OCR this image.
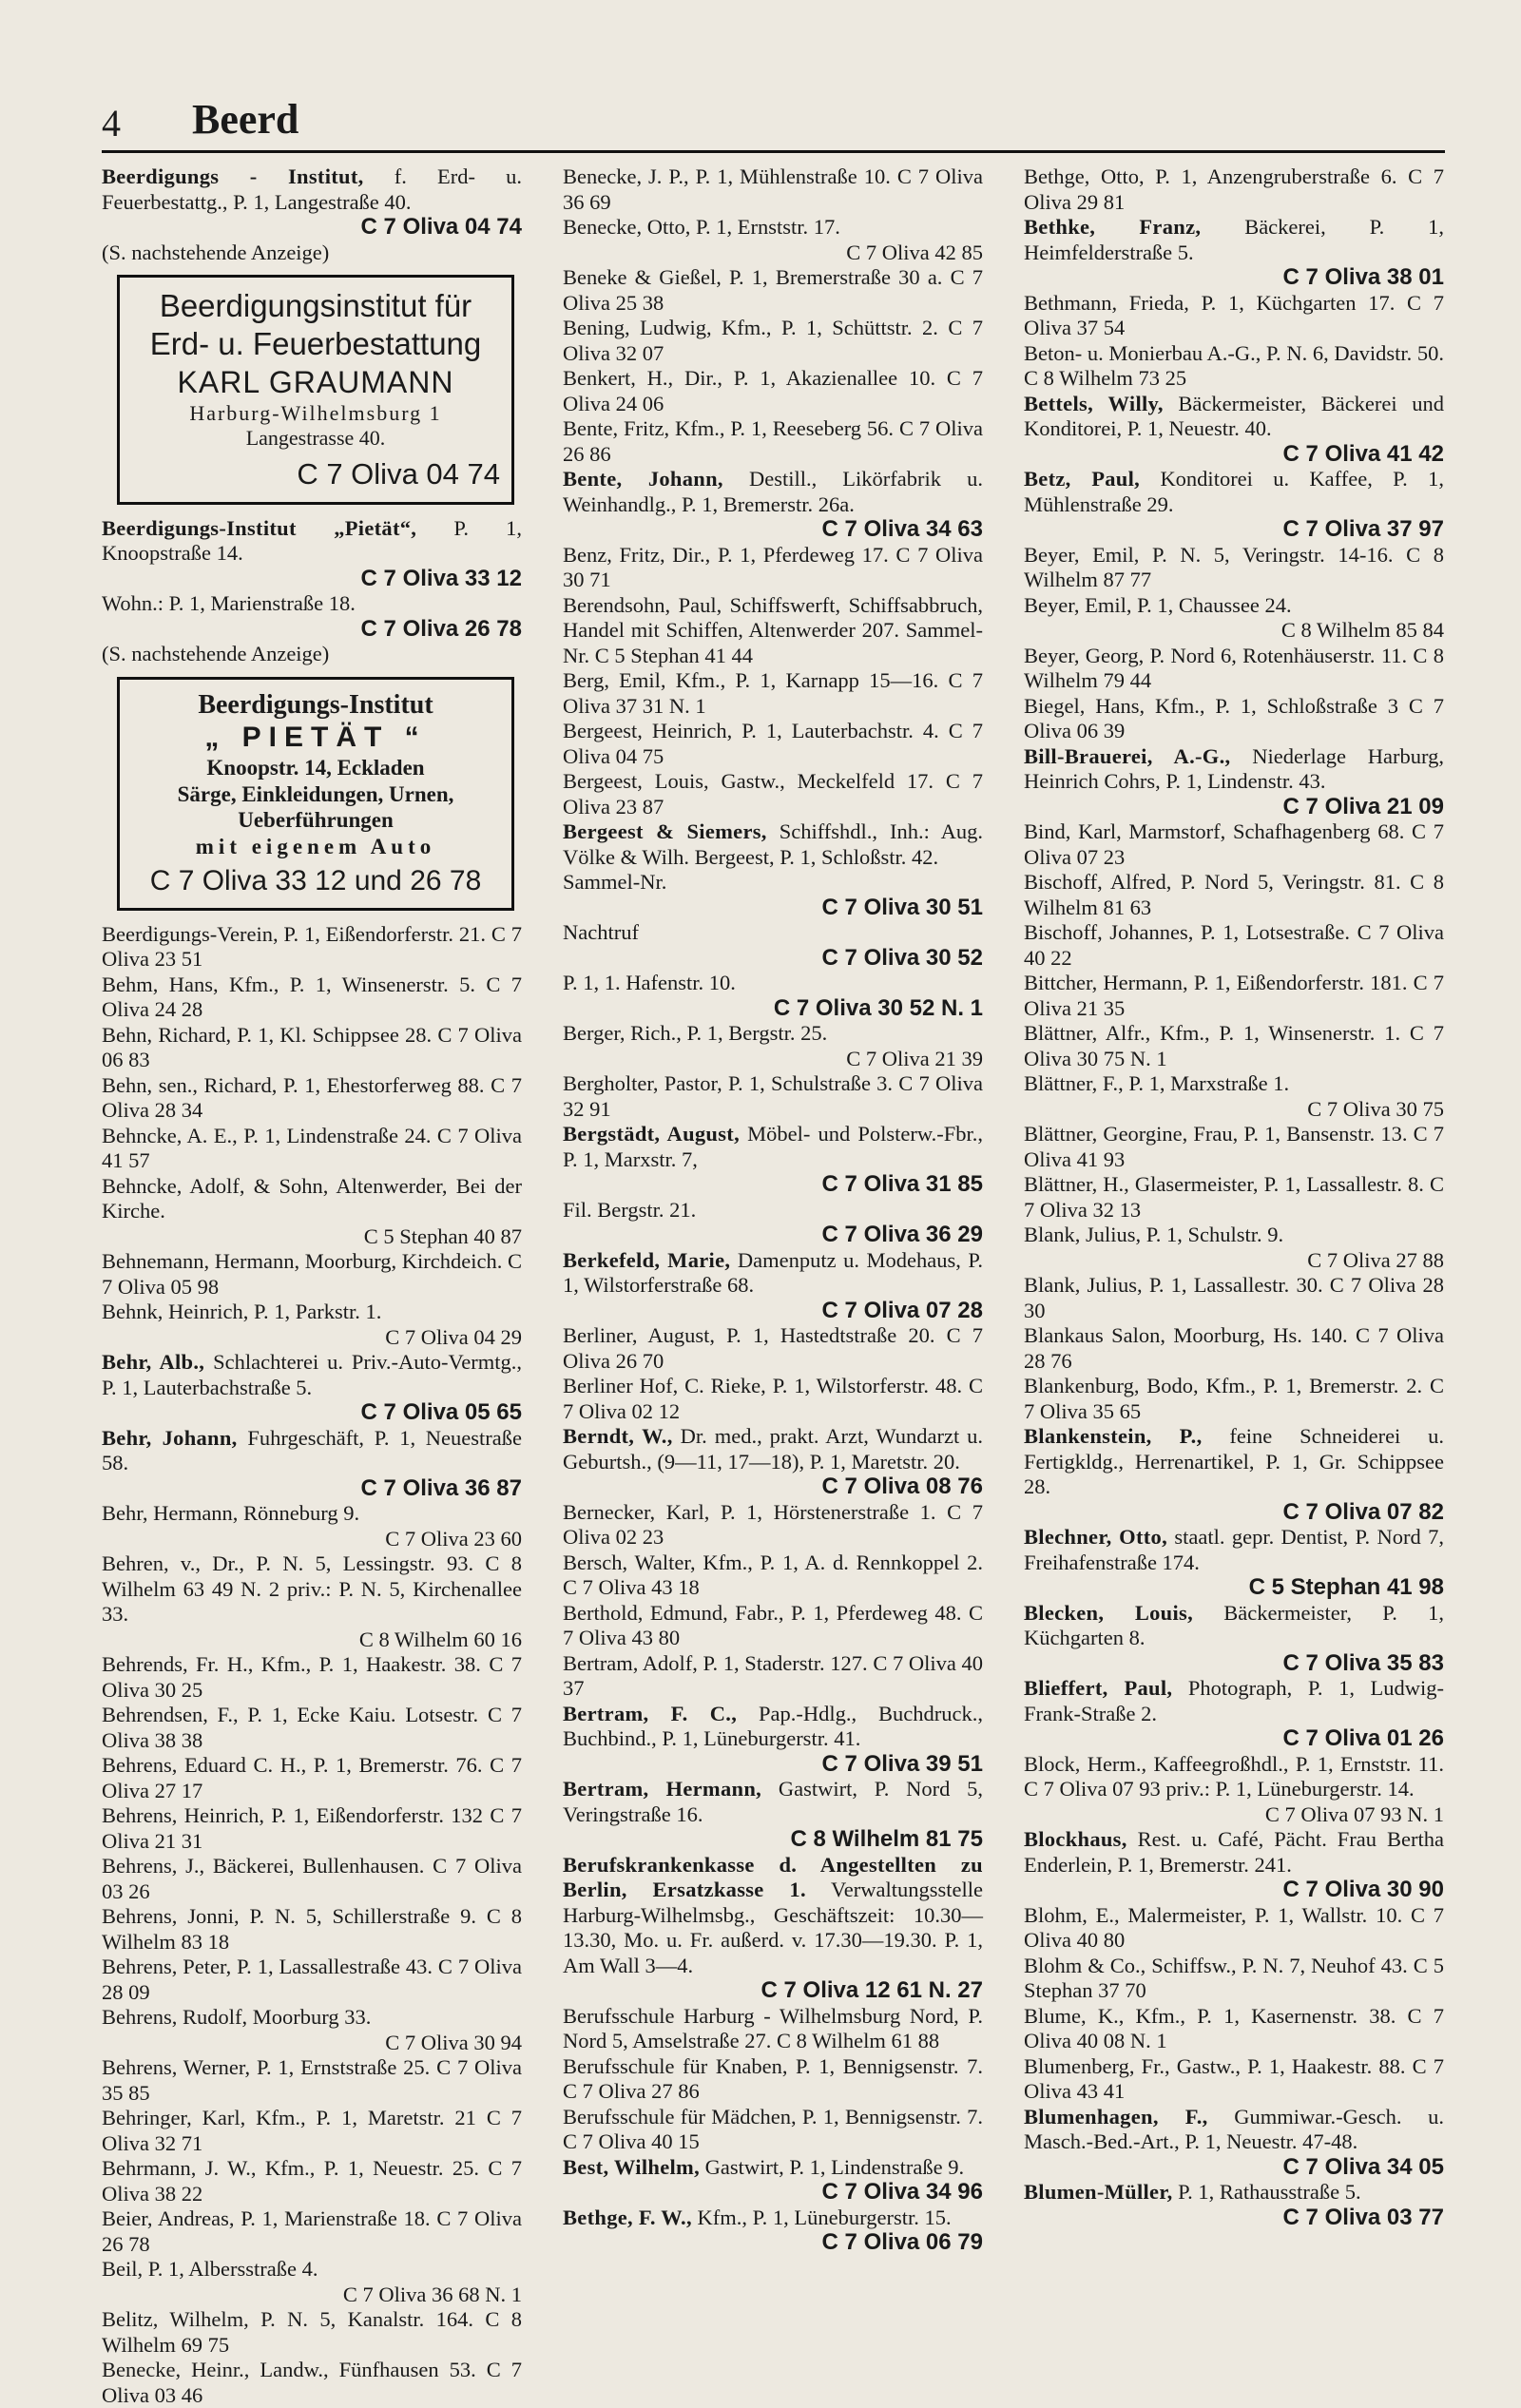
4 Beerd
Beerdigungs - Institut, f. Erd- u. Feuerbestattg., P. 1, Langestraße 40.
C 7 Oliva 04 74
(S. nachstehende Anzeige)
Beerdigungsinstitut für
Erd- u. Feuerbestattung
KARL GRAUMANN
Harburg-Wilhelmsburg 1
Langestrasse 40.
C 7 Oliva 04 74
Beerdigungs-Institut „Pietät“, P. 1, Knoopstraße 14.
C 7 Oliva 33 12
Wohn.: P. 1, Marienstraße 18.
C 7 Oliva 26 78
(S. nachstehende Anzeige)
Beerdigungs-Institut
„ PIETÄT “
Knoopstr. 14, Eckladen
Särge, Einkleidungen, Urnen,
Ueberführungen
mit eigenem Auto
C 7 Oliva 33 12 und 26 78
Beerdigungs-Verein, P. 1, Eißendorferstr. 21. C 7 Oliva 23 51
Behm, Hans, Kfm., P. 1, Winsenerstr. 5. C 7 Oliva 24 28
Behn, Richard, P. 1, Kl. Schippsee 28. C 7 Oliva 06 83
Behn, sen., Richard, P. 1, Ehestorferweg 88. C 7 Oliva 28 34
Behncke, A. E., P. 1, Lindenstraße 24. C 7 Oliva 41 57
Behncke, Adolf, & Sohn, Altenwerder, Bei der Kirche.
C 5 Stephan 40 87
Behnemann, Hermann, Moorburg, Kirchdeich. C 7 Oliva 05 98
Behnk, Heinrich, P. 1, Parkstr. 1.
C 7 Oliva 04 29
Behr, Alb., Schlachterei u. Priv.-Auto-Vermtg., P. 1, Lauterbachstraße 5.
C 7 Oliva 05 65
Behr, Johann, Fuhrgeschäft, P. 1, Neuestraße 58.
C 7 Oliva 36 87
Behr, Hermann, Rönneburg 9.
C 7 Oliva 23 60
Behren, v., Dr., P. N. 5, Lessingstr. 93. C 8 Wilhelm 63 49 N. 2 priv.: P. N. 5, Kirchenallee 33.
C 8 Wilhelm 60 16
Behrends, Fr. H., Kfm., P. 1, Haakestr. 38. C 7 Oliva 30 25
Behrendsen, F., P. 1, Ecke Kaiu. Lotsestr. C 7 Oliva 38 38
Behrens, Eduard C. H., P. 1, Bremerstr. 76. C 7 Oliva 27 17
Behrens, Heinrich, P. 1, Eißendorferstr. 132 C 7 Oliva 21 31
Behrens, J., Bäckerei, Bullenhausen. C 7 Oliva 03 26
Behrens, Jonni, P. N. 5, Schillerstraße 9. C 8 Wilhelm 83 18
Behrens, Peter, P. 1, Lassallestraße 43. C 7 Oliva 28 09
Behrens, Rudolf, Moorburg 33.
C 7 Oliva 30 94
Behrens, Werner, P. 1, Ernststraße 25. C 7 Oliva 35 85
Behringer, Karl, Kfm., P. 1, Maretstr. 21 C 7 Oliva 32 71
Behrmann, J. W., Kfm., P. 1, Neuestr. 25. C 7 Oliva 38 22
Beier, Andreas, P. 1, Marienstraße 18. C 7 Oliva 26 78
Beil, P. 1, Albersstraße 4.
C 7 Oliva 36 68 N. 1
Belitz, Wilhelm, P. N. 5, Kanalstr. 164. C 8 Wilhelm 69 75
Benecke, Heinr., Landw., Fünfhausen 53. C 7 Oliva 03 46
Benecke, J. P., P. 1, Mühlenstraße 10. C 7 Oliva 36 69
Benecke, Otto, P. 1, Ernststr. 17.
C 7 Oliva 42 85
Beneke & Gießel, P. 1, Bremerstraße 30 a. C 7 Oliva 25 38
Bening, Ludwig, Kfm., P. 1, Schüttstr. 2. C 7 Oliva 32 07
Benkert, H., Dir., P. 1, Akazienallee 10. C 7 Oliva 24 06
Bente, Fritz, Kfm., P. 1, Reeseberg 56. C 7 Oliva 26 86
Bente, Johann, Destill., Likörfabrik u. Weinhandlg., P. 1, Bremerstr. 26a.
C 7 Oliva 34 63
Benz, Fritz, Dir., P. 1, Pferdeweg 17. C 7 Oliva 30 71
Berendsohn, Paul, Schiffswerft, Schiffsabbruch, Handel mit Schiffen, Altenwerder 207. Sammel-Nr. C 5 Stephan 41 44
Berg, Emil, Kfm., P. 1, Karnapp 15—16. C 7 Oliva 37 31 N. 1
Bergeest, Heinrich, P. 1, Lauterbachstr. 4. C 7 Oliva 04 75
Bergeest, Louis, Gastw., Meckelfeld 17. C 7 Oliva 23 87
Bergeest & Siemers, Schiffshdl., Inh.: Aug. Völke & Wilh. Bergeest, P. 1, Schloßstr. 42.
Sammel-Nr.
C 7 Oliva 30 51
Nachtruf
C 7 Oliva 30 52
P. 1, 1. Hafenstr. 10.
C 7 Oliva 30 52 N. 1
Berger, Rich., P. 1, Bergstr. 25.
C 7 Oliva 21 39
Bergholter, Pastor, P. 1, Schulstraße 3. C 7 Oliva 32 91
Bergstädt, August, Möbel- und Polsterw.-Fbr., P. 1, Marxstr. 7,
C 7 Oliva 31 85
Fil. Bergstr. 21.
C 7 Oliva 36 29
Berkefeld, Marie, Damenputz u. Modehaus, P. 1, Wilstorferstraße 68.
C 7 Oliva 07 28
Berliner, August, P. 1, Hastedtstraße 20. C 7 Oliva 26 70
Berliner Hof, C. Rieke, P. 1, Wilstorferstr. 48. C 7 Oliva 02 12
Berndt, W., Dr. med., prakt. Arzt, Wundarzt u. Geburtsh., (9—11, 17—18), P. 1, Maretstr. 20.
C 7 Oliva 08 76
Bernecker, Karl, P. 1, Hörstenerstraße 1. C 7 Oliva 02 23
Bersch, Walter, Kfm., P. 1, A. d. Rennkoppel 2. C 7 Oliva 43 18
Berthold, Edmund, Fabr., P. 1, Pferdeweg 48. C 7 Oliva 43 80
Bertram, Adolf, P. 1, Staderstr. 127. C 7 Oliva 40 37
Bertram, F. C., Pap.-Hdlg., Buchdruck., Buchbind., P. 1, Lüneburgerstr. 41.
C 7 Oliva 39 51
Bertram, Hermann, Gastwirt, P. Nord 5, Veringstraße 16.
C 8 Wilhelm 81 75
Berufskrankenkasse d. Angestellten zu Berlin, Ersatzkasse 1. Verwaltungsstelle Harburg-Wilhelmsbg., Geschäftszeit: 10.30—13.30, Mo. u. Fr. außerd. v. 17.30—19.30. P. 1, Am Wall 3—4.
C 7 Oliva 12 61 N. 27
Berufsschule Harburg - Wilhelmsburg Nord, P. Nord 5, Amselstraße 27. C 8 Wilhelm 61 88
Berufsschule für Knaben, P. 1, Bennigsenstr. 7. C 7 Oliva 27 86
Berufsschule für Mädchen, P. 1, Bennigsenstr. 7. C 7 Oliva 40 15
Best, Wilhelm, Gastwirt, P. 1, Lindenstraße 9.
C 7 Oliva 34 96
Bethge, F. W., Kfm., P. 1, Lüneburgerstr. 15.
C 7 Oliva 06 79
Bethge, Otto, P. 1, Anzengruberstraße 6. C 7 Oliva 29 81
Bethke, Franz, Bäckerei, P. 1, Heimfelderstraße 5.
C 7 Oliva 38 01
Bethmann, Frieda, P. 1, Küchgarten 17. C 7 Oliva 37 54
Beton- u. Monierbau A.-G., P. N. 6, Davidstr. 50. C 8 Wilhelm 73 25
Bettels, Willy, Bäckermeister, Bäckerei und Konditorei, P. 1, Neuestr. 40.
C 7 Oliva 41 42
Betz, Paul, Konditorei u. Kaffee, P. 1, Mühlenstraße 29.
C 7 Oliva 37 97
Beyer, Emil, P. N. 5, Veringstr. 14-16. C 8 Wilhelm 87 77
Beyer, Emil, P. 1, Chaussee 24.
C 8 Wilhelm 85 84
Beyer, Georg, P. Nord 6, Rotenhäuserstr. 11. C 8 Wilhelm 79 44
Biegel, Hans, Kfm., P. 1, Schloßstraße 3 C 7 Oliva 06 39
Bill-Brauerei, A.-G., Niederlage Harburg, Heinrich Cohrs, P. 1, Lindenstr. 43.
C 7 Oliva 21 09
Bind, Karl, Marmstorf, Schafhagenberg 68. C 7 Oliva 07 23
Bischoff, Alfred, P. Nord 5, Veringstr. 81. C 8 Wilhelm 81 63
Bischoff, Johannes, P. 1, Lotsestraße. C 7 Oliva 40 22
Bittcher, Hermann, P. 1, Eißendorferstr. 181. C 7 Oliva 21 35
Blättner, Alfr., Kfm., P. 1, Winsenerstr. 1. C 7 Oliva 30 75 N. 1
Blättner, F., P. 1, Marxstraße 1.
C 7 Oliva 30 75
Blättner, Georgine, Frau, P. 1, Bansenstr. 13. C 7 Oliva 41 93
Blättner, H., Glasermeister, P. 1, Lassallestr. 8. C 7 Oliva 32 13
Blank, Julius, P. 1, Schulstr. 9.
C 7 Oliva 27 88
Blank, Julius, P. 1, Lassallestr. 30. C 7 Oliva 28 30
Blankaus Salon, Moorburg, Hs. 140. C 7 Oliva 28 76
Blankenburg, Bodo, Kfm., P. 1, Bremerstr. 2. C 7 Oliva 35 65
Blankenstein, P., feine Schneiderei u. Fertigkldg., Herrenartikel, P. 1, Gr. Schippsee 28.
C 7 Oliva 07 82
Blechner, Otto, staatl. gepr. Dentist, P. Nord 7, Freihafenstraße 174.
C 5 Stephan 41 98
Blecken, Louis, Bäckermeister, P. 1, Küchgarten 8.
C 7 Oliva 35 83
Blieffert, Paul, Photograph, P. 1, Ludwig-Frank-Straße 2.
C 7 Oliva 01 26
Block, Herm., Kaffeegroßhdl., P. 1, Ernststr. 11. C 7 Oliva 07 93 priv.: P. 1, Lüneburgerstr. 14.
C 7 Oliva 07 93 N. 1
Blockhaus, Rest. u. Café, Pächt. Frau Bertha Enderlein, P. 1, Bremerstr. 241.
C 7 Oliva 30 90
Blohm, E., Malermeister, P. 1, Wallstr. 10. C 7 Oliva 40 80
Blohm & Co., Schiffsw., P. N. 7, Neuhof 43. C 5 Stephan 37 70
Blume, K., Kfm., P. 1, Kasernenstr. 38. C 7 Oliva 40 08 N. 1
Blumenberg, Fr., Gastw., P. 1, Haakestr. 88. C 7 Oliva 43 41
Blumenhagen, F., Gummiwar.-Gesch. u. Masch.-Bed.-Art., P. 1, Neuestr. 47-48.
C 7 Oliva 34 05
Blumen-Müller, P. 1, Rathausstraße 5.
C 7 Oliva 03 77
